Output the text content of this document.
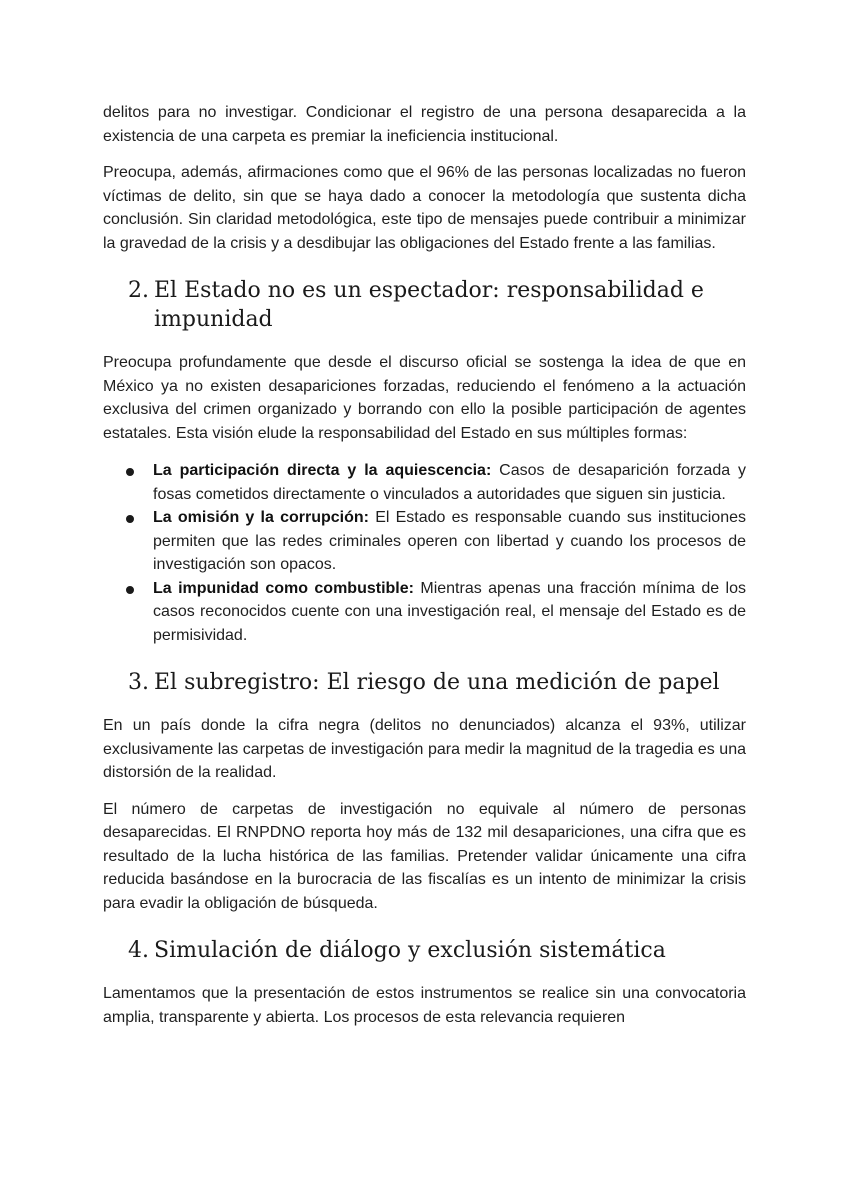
delitos para no investigar. Condicionar el registro de una persona desaparecida a la existencia de una carpeta es premiar la ineficiencia institucional.

Preocupa, además, afirmaciones como que el 96% de las personas localizadas no fueron víctimas de delito, sin que se haya dado a conocer la metodología que sustenta dicha conclusión. Sin claridad metodológica, este tipo de mensajes puede contribuir a minimizar la gravedad de la crisis y a desdibujar las obligaciones del Estado frente a las familias.

2. El Estado no es un espectador: responsabilidad e impunidad

Preocupa profundamente que desde el discurso oficial se sostenga la idea de que en México ya no existen desapariciones forzadas, reduciendo el fenómeno a la actuación exclusiva del crimen organizado y borrando con ello la posible participación de agentes estatales. Esta visión elude la responsabilidad del Estado en sus múltiples formas:

La participación directa y la aquiescencia: Casos de desaparición forzada y fosas cometidos directamente o vinculados a autoridades que siguen sin justicia.
La omisión y la corrupción: El Estado es responsable cuando sus instituciones permiten que las redes criminales operen con libertad y cuando los procesos de investigación son opacos.
La impunidad como combustible: Mientras apenas una fracción mínima de los casos reconocidos cuente con una investigación real, el mensaje del Estado es de permisividad.
3. El subregistro: El riesgo de una medición de papel

En un país donde la cifra negra (delitos no denunciados) alcanza el 93%, utilizar exclusivamente las carpetas de investigación para medir la magnitud de la tragedia es una distorsión de la realidad.

El número de carpetas de investigación no equivale al número de personas desaparecidas. El RNPDNO reporta hoy más de 132 mil desapariciones, una cifra que es resultado de la lucha histórica de las familias. Pretender validar únicamente una cifra reducida basándose en la burocracia de las fiscalías es un intento de minimizar la crisis para evadir la obligación de búsqueda.

4. Simulación de diálogo y exclusión sistemática

Lamentamos que la presentación de estos instrumentos se realice sin una convocatoria amplia, transparente y abierta. Los procesos de esta relevancia requieren
